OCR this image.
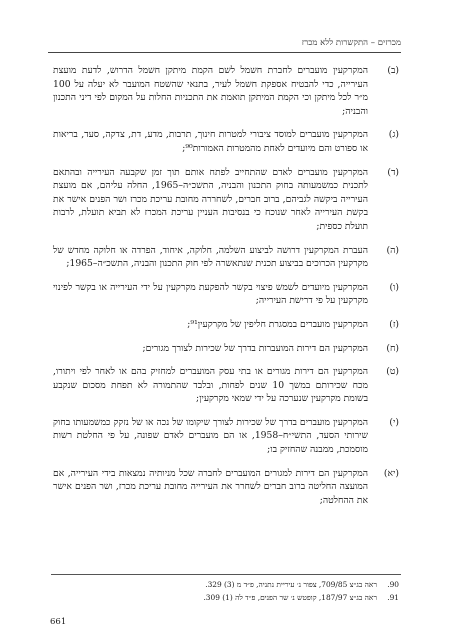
מכרזים – התקשרות ללא מכרז
(ב)
המקרקעין מועברים לחברת חשמל לשם הקמת מיתקן חשמל הדרוש, לדעת מועצת העירייה, כדי להבטיח אספקת חשמל לעיר, בתנאי שהשטח המועבר לא יעלה על 100 מ״ר לכל מיתקן וכי הקמת המיתקן תואמת את התכניות החלות על המקום לפי דיני התכנון והבניה;
(ג)
המקרקעין מועברים למוסד ציבורי למטרות חינוך, תרבות, מדע, דת, צדקה, סעד, בריאות או ספורט והם מיועדים לאחת מהמטרות האמורות⁹⁰;
(ד)
המקרקעין מועברים לאדם שהתחייב לפתח אותם תוך זמן שקבעה העירייה ובהתאם לתכנית כמשמעותה בחוק התכנון והבניה, התשכ״ה–1965, החלה עליהם, אם מועצת העירייה ביקשה לגביהם, ברוב חברים, לשחררה מחובת עריכת מכרז ושר הפנים אישר את בקשת העירייה לאחר שנוכח כי בנסיבות העניין עריכת המכרז לא תביא תועלת, לרבות תועלת כספית;
(ה)
העברת המקרקעין דרושה לביצוע השלמה, חלוקה, איחוד, הפרדה או חלוקה מחדש של מקרקעין הכרוכים בביצוע תכנית שנתאשרה לפי חוק התכנון והבניה, התשכ״ה–1965;
(ו)
המקרקעין מיועדים לשמש פיצוי בקשר להפקעת מקרקעין על ידי העירייה או בקשר לפינוי מקרקעין על פי דרישת העירייה;
(ז)
המקרקעין מועברים במסגרת חליפין של מקרקעין⁹¹;
(ח)
המקרקעין הם דירות המועברות בדרך של שכירות לצורך מגורים;
(ט)
המקרקעין הם דירות מגורים או בתי עסק המועברים למחזיק בהם או לאחר לפי ויתורו, מכח שכירותם במשך 10 שנים לפחות, ובלבד שהתמורה לא תפחת מסכום שנקבע בשומת מקרקעין שנערכה על ידי שמאי מקרקעין;
(י)
המקרקעין מועברים בדרך של שכירות לצורך שיקומו של נכה או של נזקק כמשמעותו בחוק שירותי הסעד, התשי״ח–1958, או הם מועברים לאדם שפונה, על פי החלטת רשות מוסמכת, ממבנה שהחזיק בו;
(יא)
המקרקעין הם דירות למגורים המועברים לחברה שכל מניותיה נמצאות בידי העירייה, אם המועצה החליטה ברוב חברים לשחרר את העירייה מחובת עריכת מכרז, ושר הפנים אישר את ההחלטה;
90.
ראה בג״צ 709/85, צפור נ׳ עיריית נתניה, פ״ד מ (3) 329.
91.
ראה בג״צ 187/97, קופטש נ׳ שר הפנים, פ״ד לה (1) 309.
661
